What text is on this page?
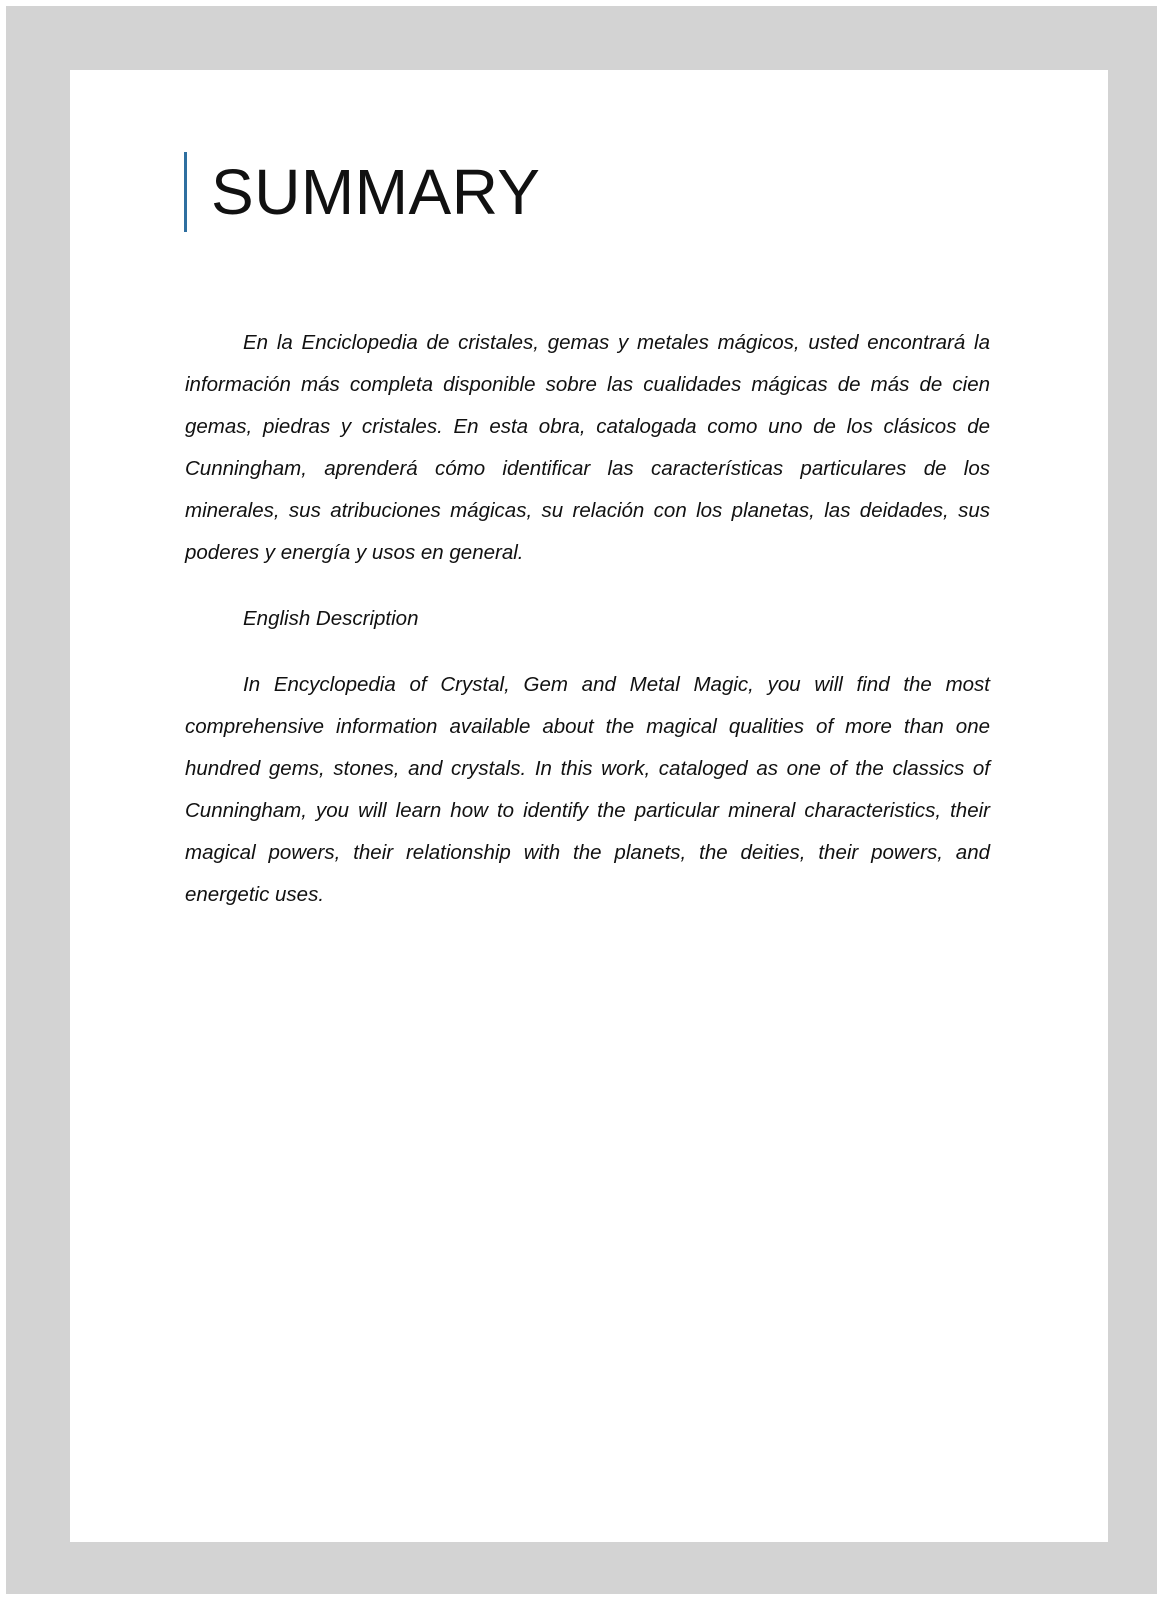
SUMMARY

En la Enciclopedia de cristales, gemas y metales mágicos, usted encontrará la información más completa disponible sobre las cualidades mágicas de más de cien gemas, piedras y cristales. En esta obra, catalogada como uno de los clásicos de Cunningham, aprenderá cómo identificar las características particulares de los minerales, sus atribuciones mágicas, su relación con los planetas, las deidades, sus poderes y energía y usos en general.

English Description

In Encyclopedia of Crystal, Gem and Metal Magic, you will find the most comprehensive information available about the magical qualities of more than one hundred gems, stones, and crystals. In this work, cataloged as one of the classics of Cunningham, you will learn how to identify the particular mineral characteristics, their magical powers, their relationship with the planets, the deities, their powers, and energetic uses.
